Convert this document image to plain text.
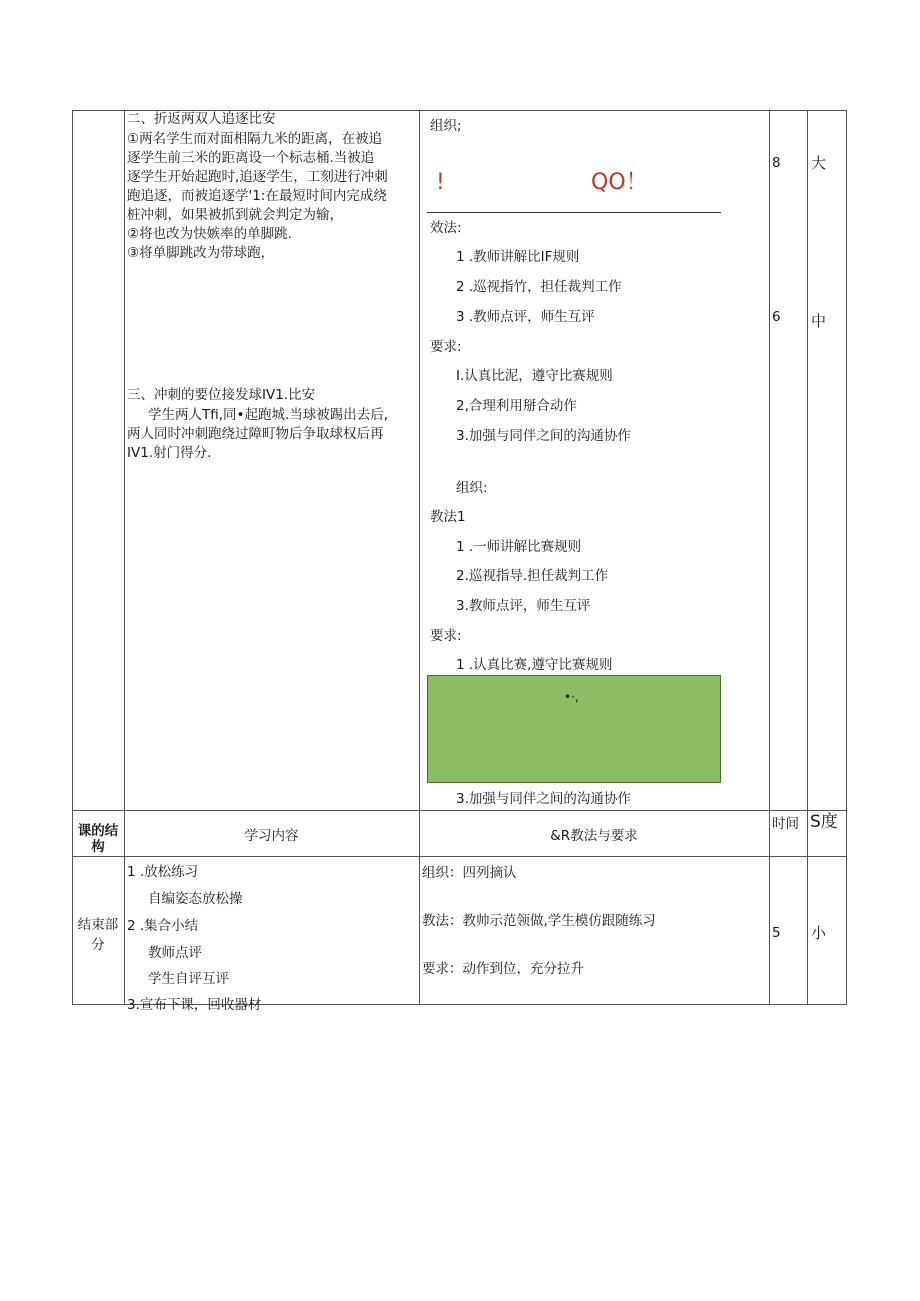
二、折返两双人追逐比安
①两名学生而对面相隔九米的距离，在被追
逐学生前三米的距离设一个标志桶.当被追
逐学生开始起跑时,追逐学生，工刻进行冲刺
跑追逐，而被追逐学'1:在最短时间内完成绕
桩冲刺，如果被抓到就会判定为输，
②将也改为快嫉率的单脚跳.
③将单脚跳改为带球跑，
三、冲刺的要位接发球IV1.比安
学生两人Tfi,同•起跑城.当球被踢出去后,
两人同时冲刺跑绕过障町物后争取球权后再
IV1.射门得分.
组织;
!	QO！
效法:
1 .教师讲解比IF规则
2 .巡视指竹，担任裁判工作
3 .教师点评，师生互评
要求:
I.认真比泥，遵守比赛规则
2,合理利用掰合动作
3.加强与同伴之间的沟通协作
组织:
教法1
1 .一师讲解比赛规则
2.巡视指导.担任裁判工作
3.教师点评，师生互评
要求:
1 .认真比赛,遵守比赛规则
•·,
3.加强与同伴之间的沟通协作
8
6
大
中
课的结构
学习内容	&R教法与要求
时间 S度
结束部分
1 .放松练习
自编姿态放松操
2 .集合小结
教师点评
学生自评互评
3.宣布下课，回收器材
组织：四列摘认
教法：教帅示范领做,学生模仿跟随练习
要求：动作到位，充分拉升
5 小
